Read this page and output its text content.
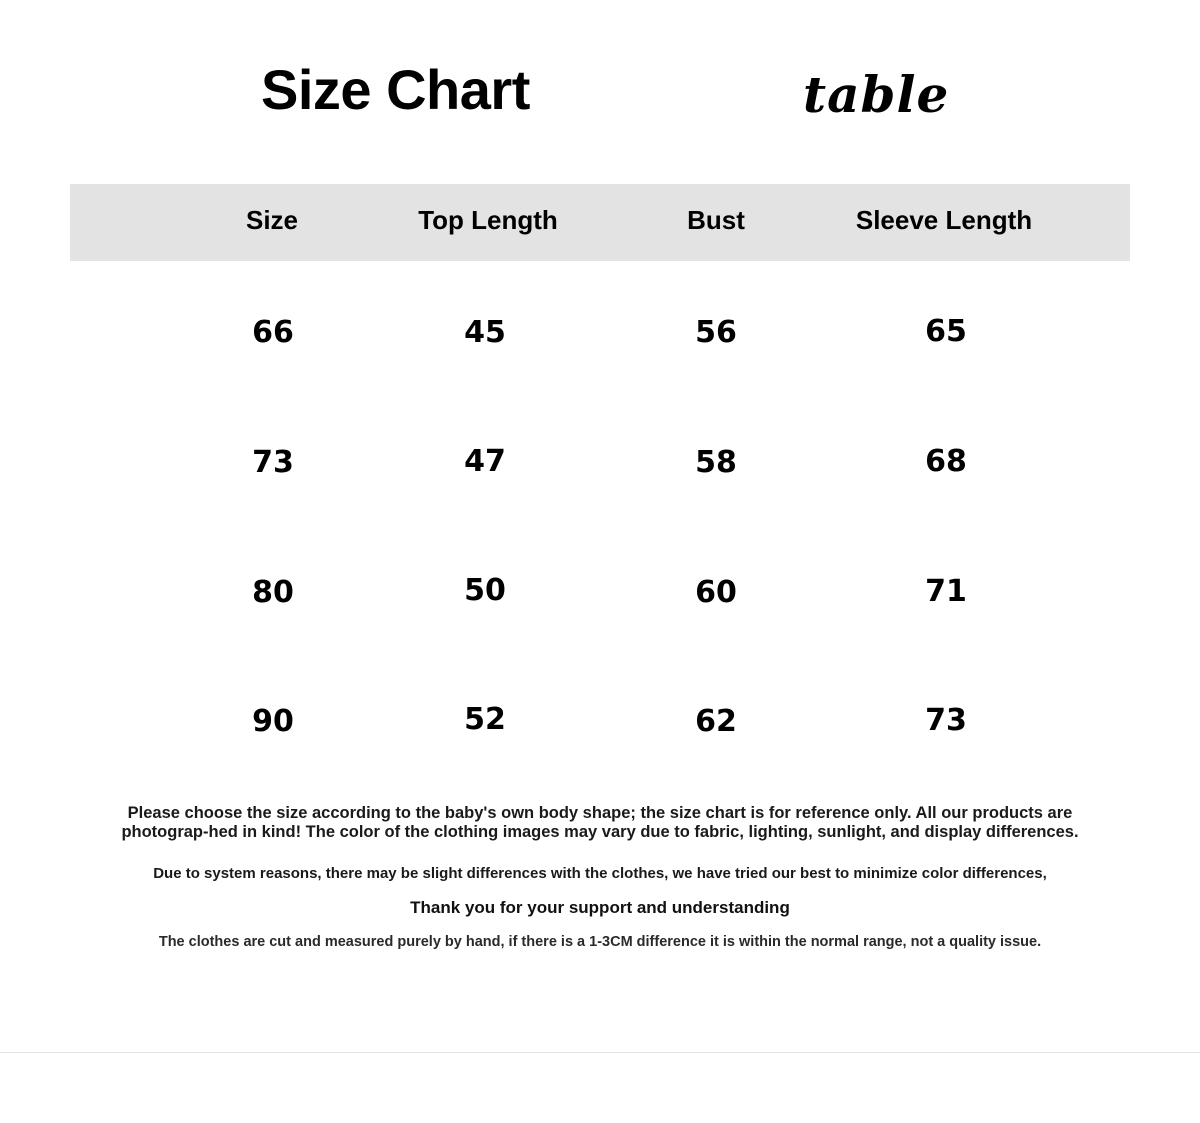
Size Chart	table
Size	Top Length	Bust	Sleeve Length
66	45	56	65
73	47	58	68
80	50	60	71
90	52	62	73

Please choose the size according to the baby's own body shape; the size chart is for reference only. All our products are photograp-hed in kind! The color of the clothing images may vary due to fabric, lighting, sunlight, and display differences.

Due to system reasons, there may be slight differences with the clothes, we have tried our best to minimize color differences,

Thank you for your support and understanding

The clothes are cut and measured purely by hand, if there is a 1-3CM difference it is within the normal range, not a quality issue.
